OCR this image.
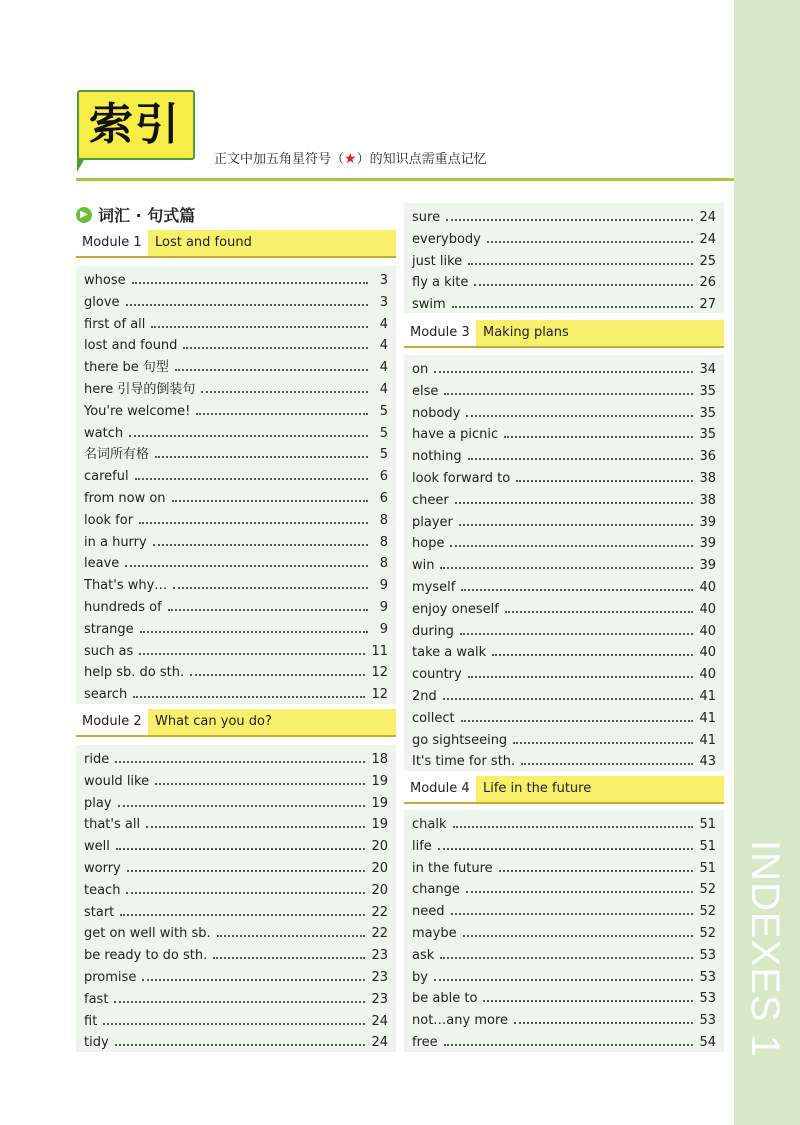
INDEXES 1
索引
正文中加五角星符号（★）的知识点需重点记忆
▶ 词汇 · 句式篇
Module 1	Lost and found
whose	3
glove	3
first of all	4
lost and found	4
there be 句型	4
here 引导的倒装句	4
You're welcome!	5
watch	5
名词所有格	5
careful	6
from now on	6
look for	8
in a hurry	8
leave	8
That's why…	9
hundreds of	9
strange	9
such as	11
help sb. do sth.	12
search	12
Module 2	What can you do?
ride	18
would like	19
play	19
that's all	19
well	20
worry	20
teach	20
start	22
get on well with sb.	22
be ready to do sth.	23
promise	23
fast	23
fit	24
tidy	24
sure	24
everybody	24
just like	25
fly a kite	26
swim	27
Module 3	Making plans
on	34
else	35
nobody	35
have a picnic	35
nothing	36
look forward to	38
cheer	38
player	39
hope	39
win	39
myself	40
enjoy oneself	40
during	40
take a walk	40
country	40
2nd	41
collect	41
go sightseeing	41
It's time for sth.	43
Module 4	Life in the future
chalk	51
life	51
in the future	51
change	52
need	52
maybe	52
ask	53
by	53
be able to	53
not…any more	53
free	54
